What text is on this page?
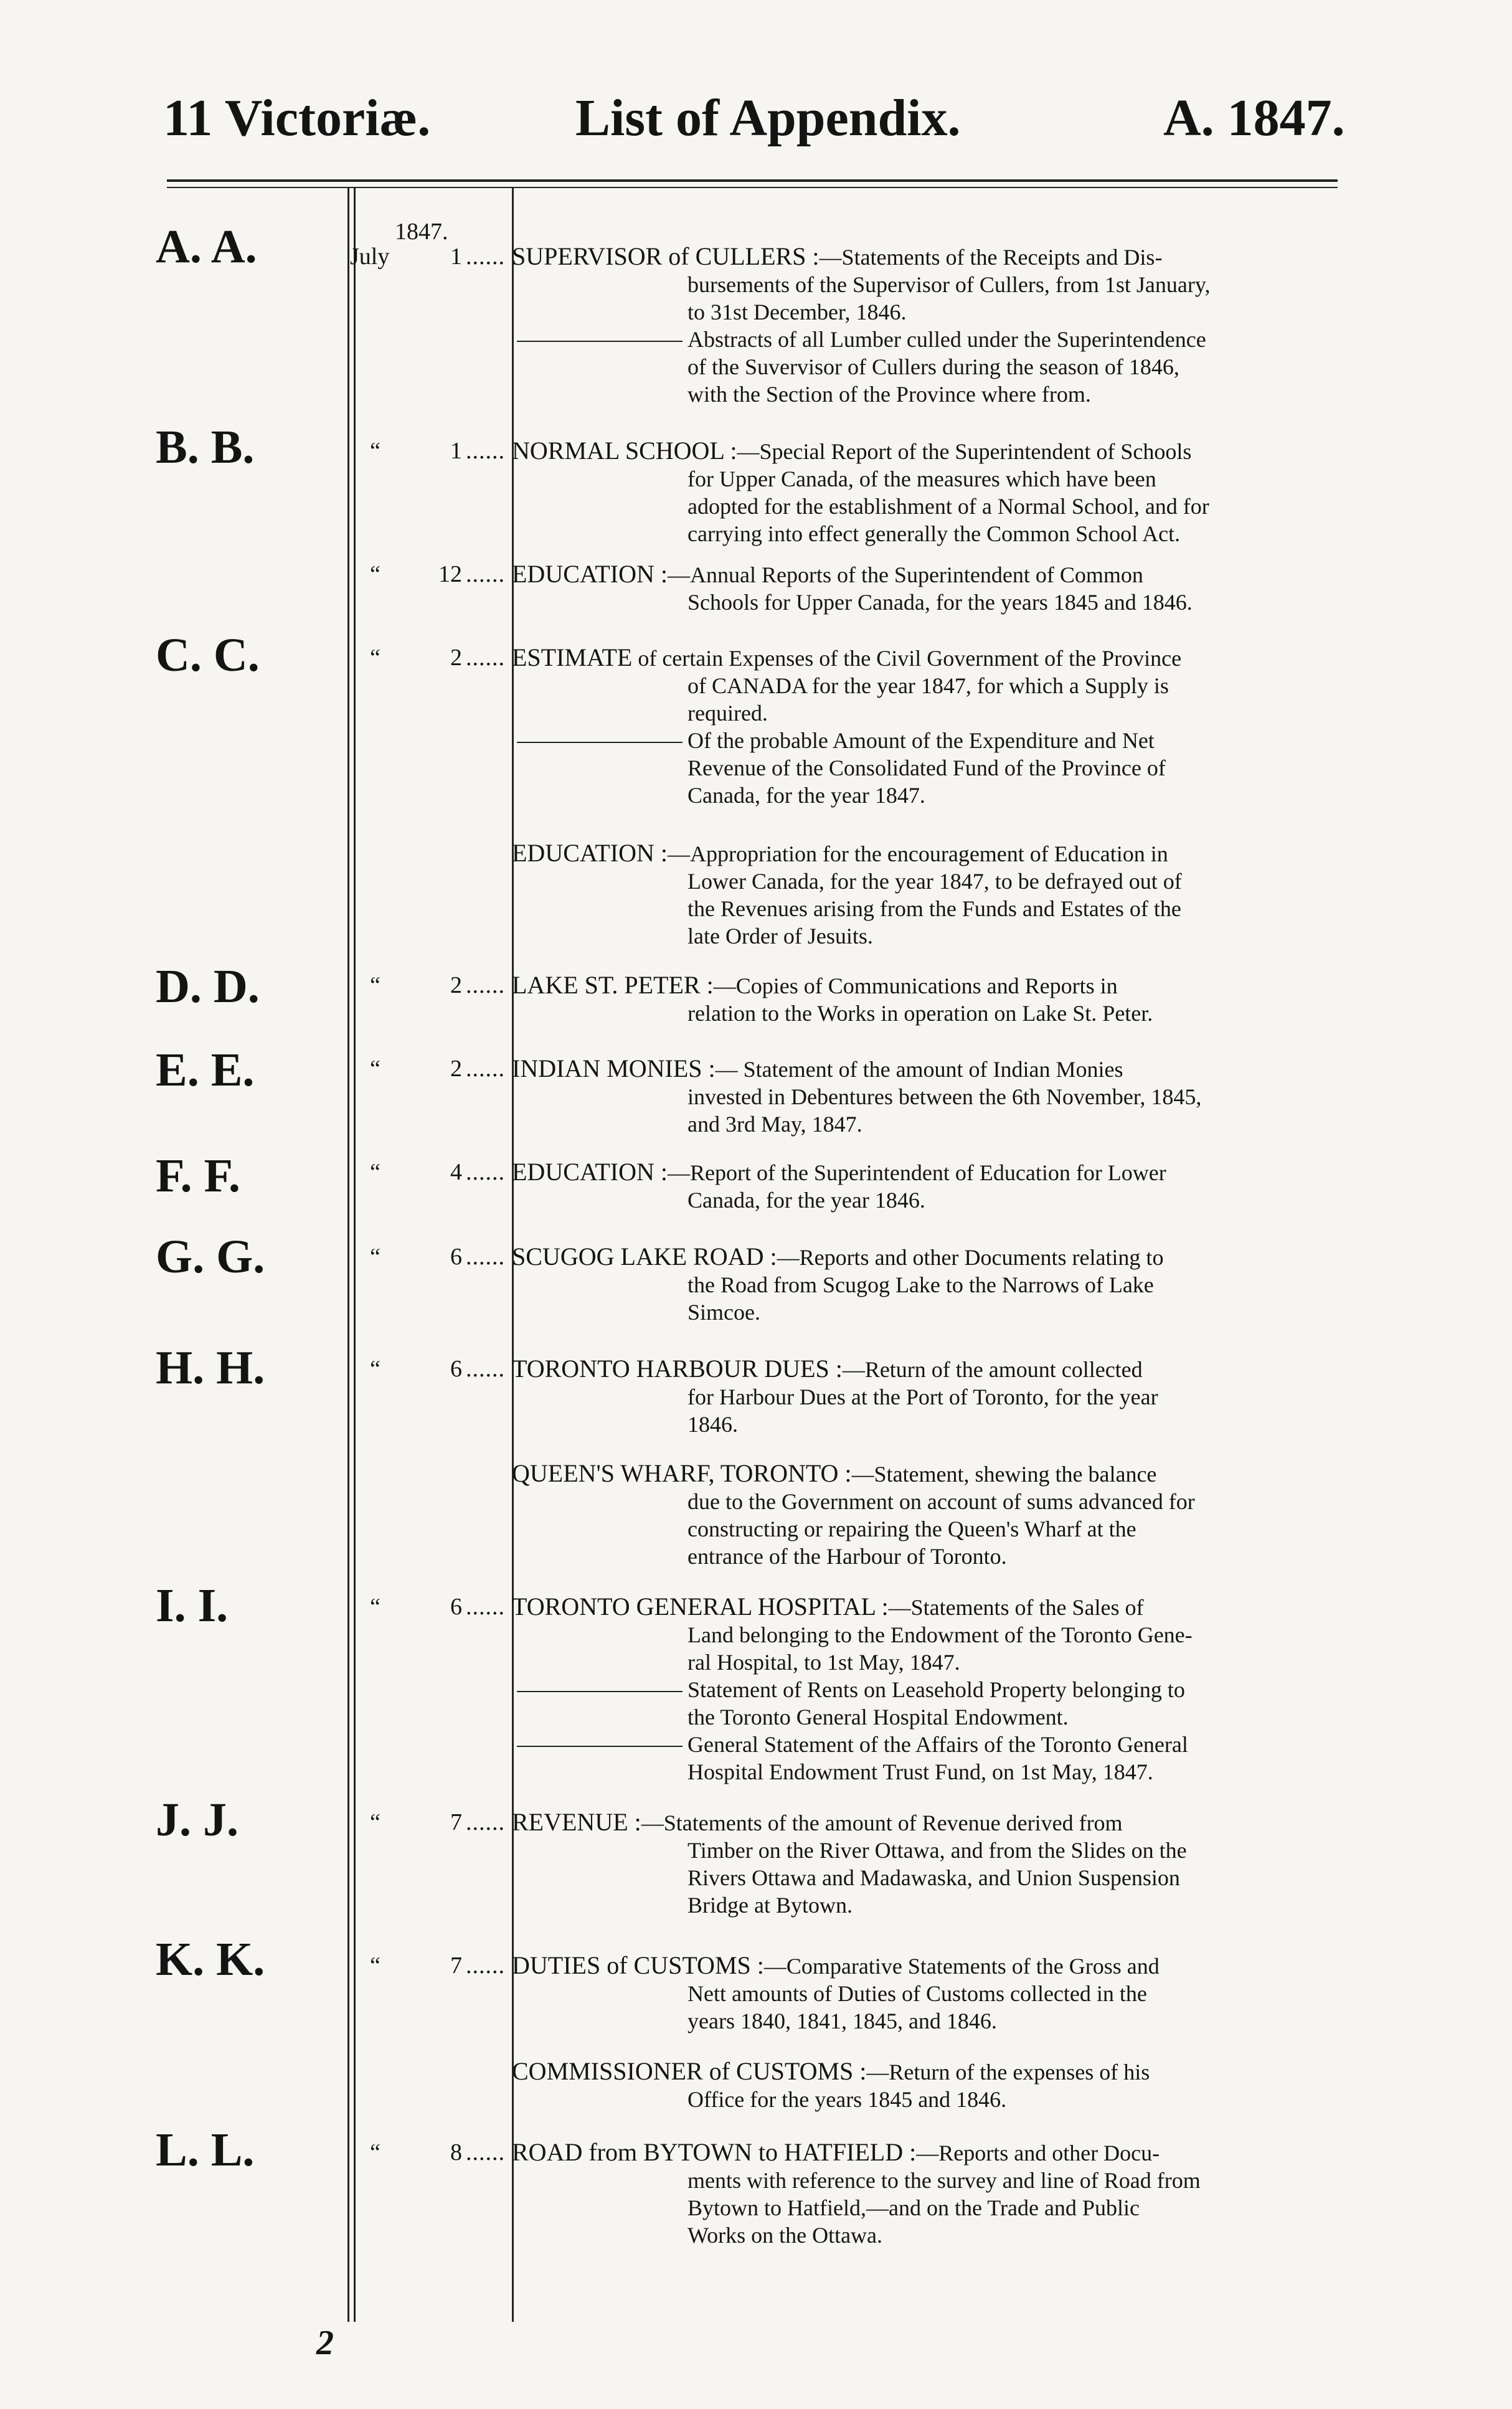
11 Victoriæ.	List of Appendix.	A. 1847.
1847.
A. A.	July	1 ...... SUPERVISOR of CULLERS :—Statements of the Receipts and Dis-

bursements of the Supervisor of Cullers, from 1st January,

to 31st December, 1846.

Abstracts of all Lumber culled under the Superintendence

of the Suvervisor of Cullers during the season of 1846,

with the Section of the Province where from.

B. B.	“	1 ...... NORMAL SCHOOL :—Special Report of the Superintendent of Schools

for Upper Canada, of the measures which have been

adopted for the establishment of a Normal School, and for

carrying into effect generally the Common School Act.

“	12 ...... EDUCATION :—Annual Reports of the Superintendent of Common

Schools for Upper Canada, for the years 1845 and 1846.

C. C.	“	2 ...... ESTIMATE of certain Expenses of the Civil Government of the Province

of CANADA for the year 1847, for which a Supply is

required.

Of the probable Amount of the Expenditure and Net

Revenue of the Consolidated Fund of the Province of

Canada, for the year 1847.

EDUCATION :—Appropriation for the encouragement of Education in

Lower Canada, for the year 1847, to be defrayed out of

the Revenues arising from the Funds and Estates of the

late Order of Jesuits.

D. D.	“	2 ...... LAKE ST. PETER :—Copies of Communications and Reports in

relation to the Works in operation on Lake St. Peter.

E. E.	“	2 ...... INDIAN MONIES :— Statement of the amount of Indian Monies

invested in Debentures between the 6th November, 1845,

and 3rd May, 1847.

F. F.	“	4 ...... EDUCATION :—Report of the Superintendent of Education for Lower

Canada, for the year 1846.

G. G.	“	6 ...... SCUGOG LAKE ROAD :—Reports and other Documents relating to

the Road from Scugog Lake to the Narrows of Lake

Simcoe.

H. H.	“	6 ...... TORONTO HARBOUR DUES :—Return of the amount collected

for Harbour Dues at the Port of Toronto, for the year

1846.

QUEEN'S WHARF, TORONTO :—Statement, shewing the balance

due to the Government on account of sums advanced for

constructing or repairing the Queen's Wharf at the

entrance of the Harbour of Toronto.

I. I.	“	6 ...... TORONTO GENERAL HOSPITAL :—Statements of the Sales of

Land belonging to the Endowment of the Toronto Gene-

ral Hospital, to 1st May, 1847.

Statement of Rents on Leasehold Property belonging to

the Toronto General Hospital Endowment.

General Statement of the Affairs of the Toronto General

Hospital Endowment Trust Fund, on 1st May, 1847.

J. J.	“	7 ...... REVENUE :—Statements of the amount of Revenue derived from

Timber on the River Ottawa, and from the Slides on the

Rivers Ottawa and Madawaska, and Union Suspension

Bridge at Bytown.

K. K.	“	7 ...... DUTIES of CUSTOMS :—Comparative Statements of the Gross and

Nett amounts of Duties of Customs collected in the

years 1840, 1841, 1845, and 1846.

COMMISSIONER of CUSTOMS :—Return of the expenses of his

Office for the years 1845 and 1846.

L. L.	“	8 ...... ROAD from BYTOWN to HATFIELD :—Reports and other Docu-

ments with reference to the survey and line of Road from

Bytown to Hatfield,—and on the Trade and Public

Works on the Ottawa.

2
